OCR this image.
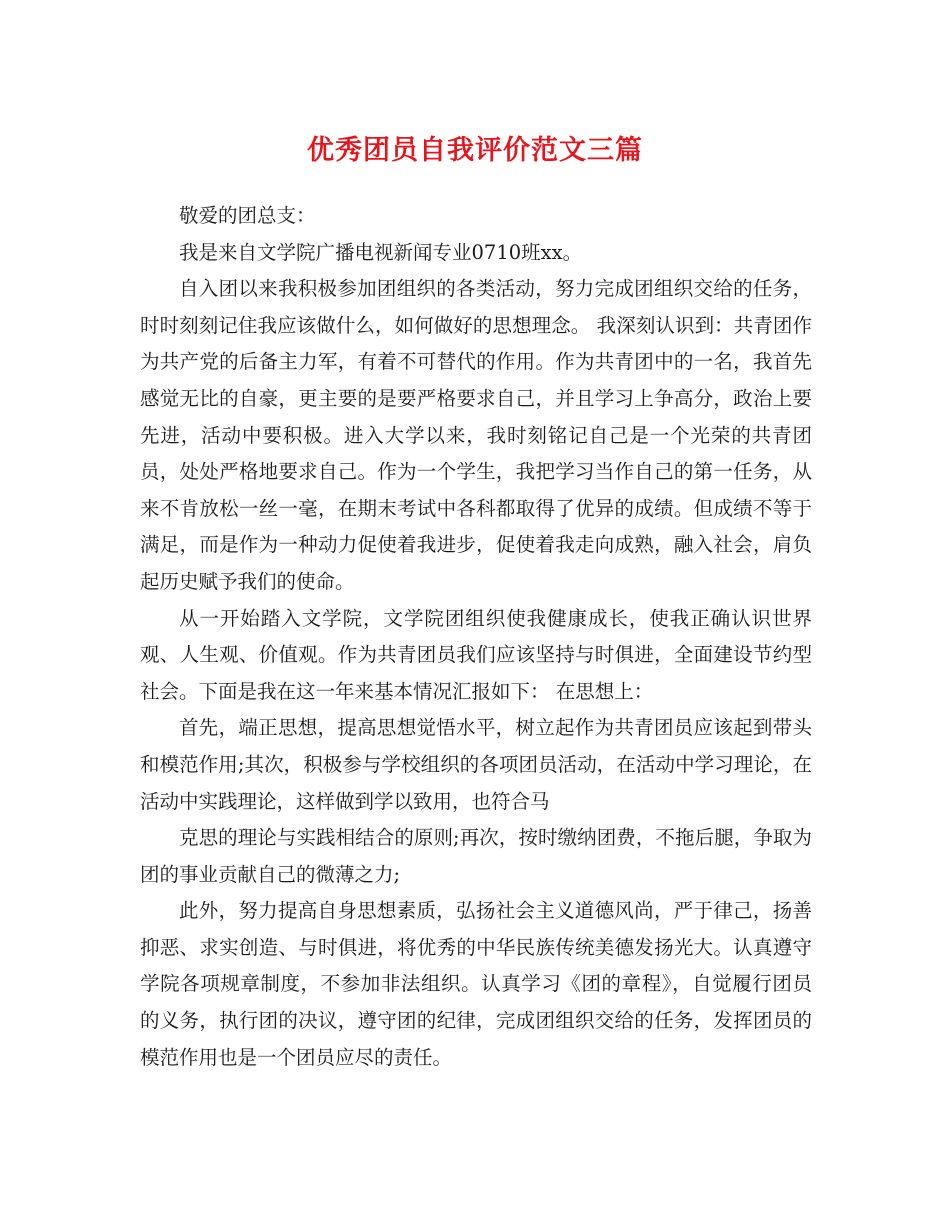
优秀团员自我评价范文三篇

敬爱的团总支：

我是来自文学院广播电视新闻专业0710班xx。

自入团以来我积极参加团组织的各类活动，努力完成团组织交给的任务，时时刻刻记住我应该做什么，如何做好的思想理念。 我深刻认识到：共青团作为共产党的后备主力军，有着不可替代的作用。作为共青团中的一名，我首先感觉无比的自豪，更主要的是要严格要求自己，并且学习上争高分，政治上要先进，活动中要积极。进入大学以来，我时刻铭记自己是一个光荣的共青团员，处处严格地要求自己。作为一个学生，我把学习当作自己的第一任务，从来不肯放松一丝一毫，在期末考试中各科都取得了优异的成绩。但成绩不等于满足，而是作为一种动力促使着我进步，促使着我走向成熟，融入社会，肩负起历史赋予我们的使命。

从一开始踏入文学院，文学院团组织使我健康成长，使我正确认识世界观、人生观、价值观。作为共青团员我们应该坚持与时俱进，全面建设节约型社会。下面是我在这一年来基本情况汇报如下： 在思想上：

首先，端正思想，提高思想觉悟水平，树立起作为共青团员应该起到带头和模范作用;其次，积极参与学校组织的各项团员活动，在活动中学习理论，在活动中实践理论，这样做到学以致用，也符合马

克思的理论与实践相结合的原则;再次，按时缴纳团费，不拖后腿，争取为团的事业贡献自己的微薄之力;

此外，努力提高自身思想素质，弘扬社会主义道德风尚，严于律己，扬善抑恶、求实创造、与时俱进，将优秀的中华民族传统美德发扬光大。认真遵守学院各项规章制度，不参加非法组织。认真学习《团的章程》，自觉履行团员的义务，执行团的决议，遵守团的纪律，完成团组织交给的任务，发挥团员的模范作用也是一个团员应尽的责任。
